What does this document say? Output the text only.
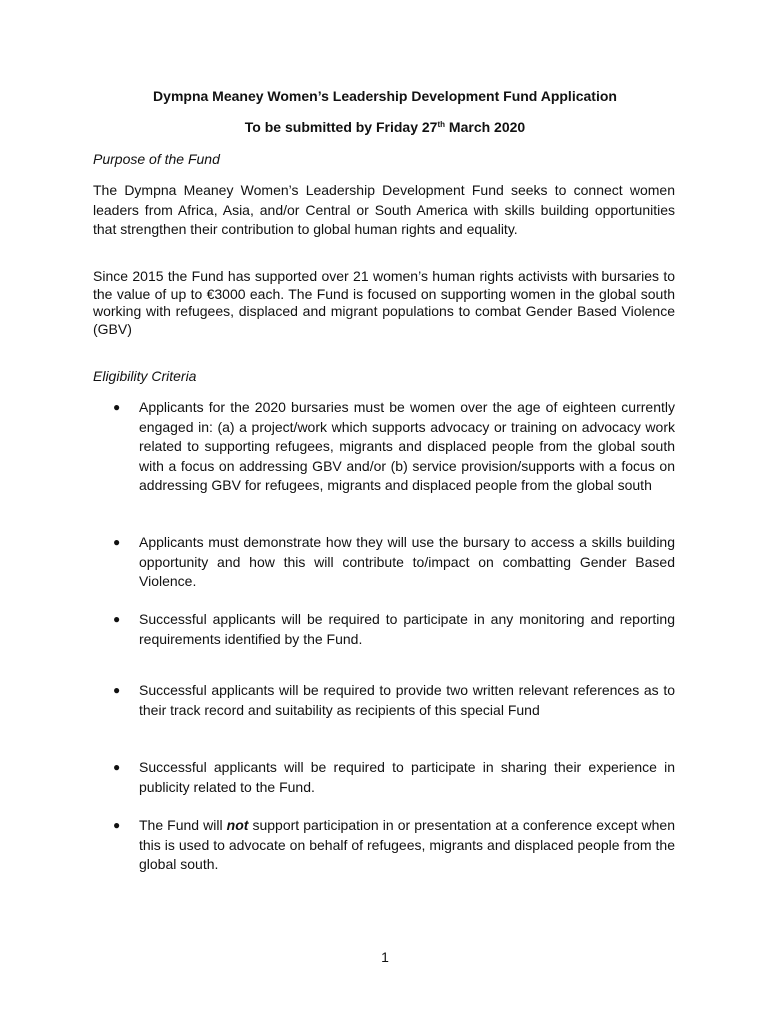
Dympna Meaney Women’s Leadership Development Fund Application
To be submitted by Friday 27th March 2020
Purpose of the Fund
The Dympna Meaney Women’s Leadership Development Fund seeks to connect women leaders from Africa, Asia, and/or Central or South America with skills building opportunities that strengthen their contribution to global human rights and equality.
Since 2015 the Fund has supported over 21 women’s human rights activists with bursaries to the value of up to €3000 each. The Fund is focused on supporting women in the global south working with refugees, displaced and migrant populations to combat Gender Based Violence (GBV)
Eligibility Criteria
● Applicants for the 2020 bursaries must be women over the age of eighteen currently engaged in: (a) a project/work which supports advocacy or training on advocacy work related to supporting refugees, migrants and displaced people from the global south with a focus on addressing GBV and/or (b) service provision/supports with a focus on addressing GBV for refugees, migrants and displaced people from the global south
● Applicants must demonstrate how they will use the bursary to access a skills building opportunity and how this will contribute to/impact on combatting Gender Based Violence.
● Successful applicants will be required to participate in any monitoring and reporting requirements identified by the Fund.
● Successful applicants will be required to provide two written relevant references as to their track record and suitability as recipients of this special Fund
● Successful applicants will be required to participate in sharing their experience in publicity related to the Fund.
● The Fund will not support participation in or presentation at a conference except when this is used to advocate on behalf of refugees, migrants and displaced people from the global south.
1
